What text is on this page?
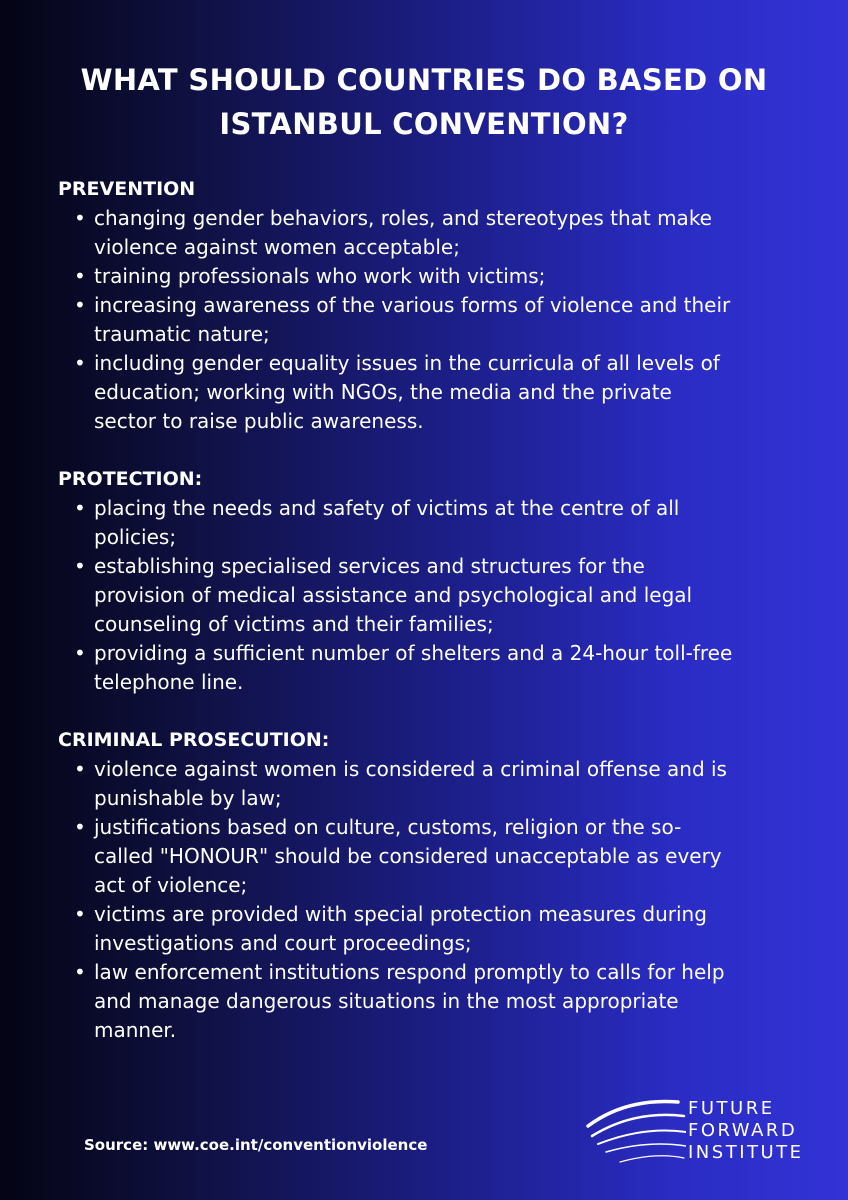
WHAT SHOULD COUNTRIES DO BASED ON ISTANBUL CONVENTION?

PREVENTION

• changing gender behaviors, roles, and stereotypes that make violence against women acceptable;
• training professionals who work with victims;
• increasing awareness of the various forms of violence and their traumatic nature;
• including gender equality issues in the curricula of all levels of education; working with NGOs, the media and the private sector to raise public awareness.

PROTECTION:

• placing the needs and safety of victims at the centre of all policies;
• establishing specialised services and structures for the provision of medical assistance and psychological and legal counseling of victims and their families;
• providing a sufficient number of shelters and a 24-hour toll-free telephone line.

CRIMINAL PROSECUTION:

• violence against women is considered a criminal offense and is punishable by law;
• justifications based on culture, customs, religion or the so-called "HONOUR" should be considered unacceptable as every act of violence;
• victims are provided with special protection measures during investigations and court proceedings;
• law enforcement institutions respond promptly to calls for help and manage dangerous situations in the most appropriate manner.
Source: www.coe.int/conventionviolence
FUTURE
FORWARD
INSTITUTE
